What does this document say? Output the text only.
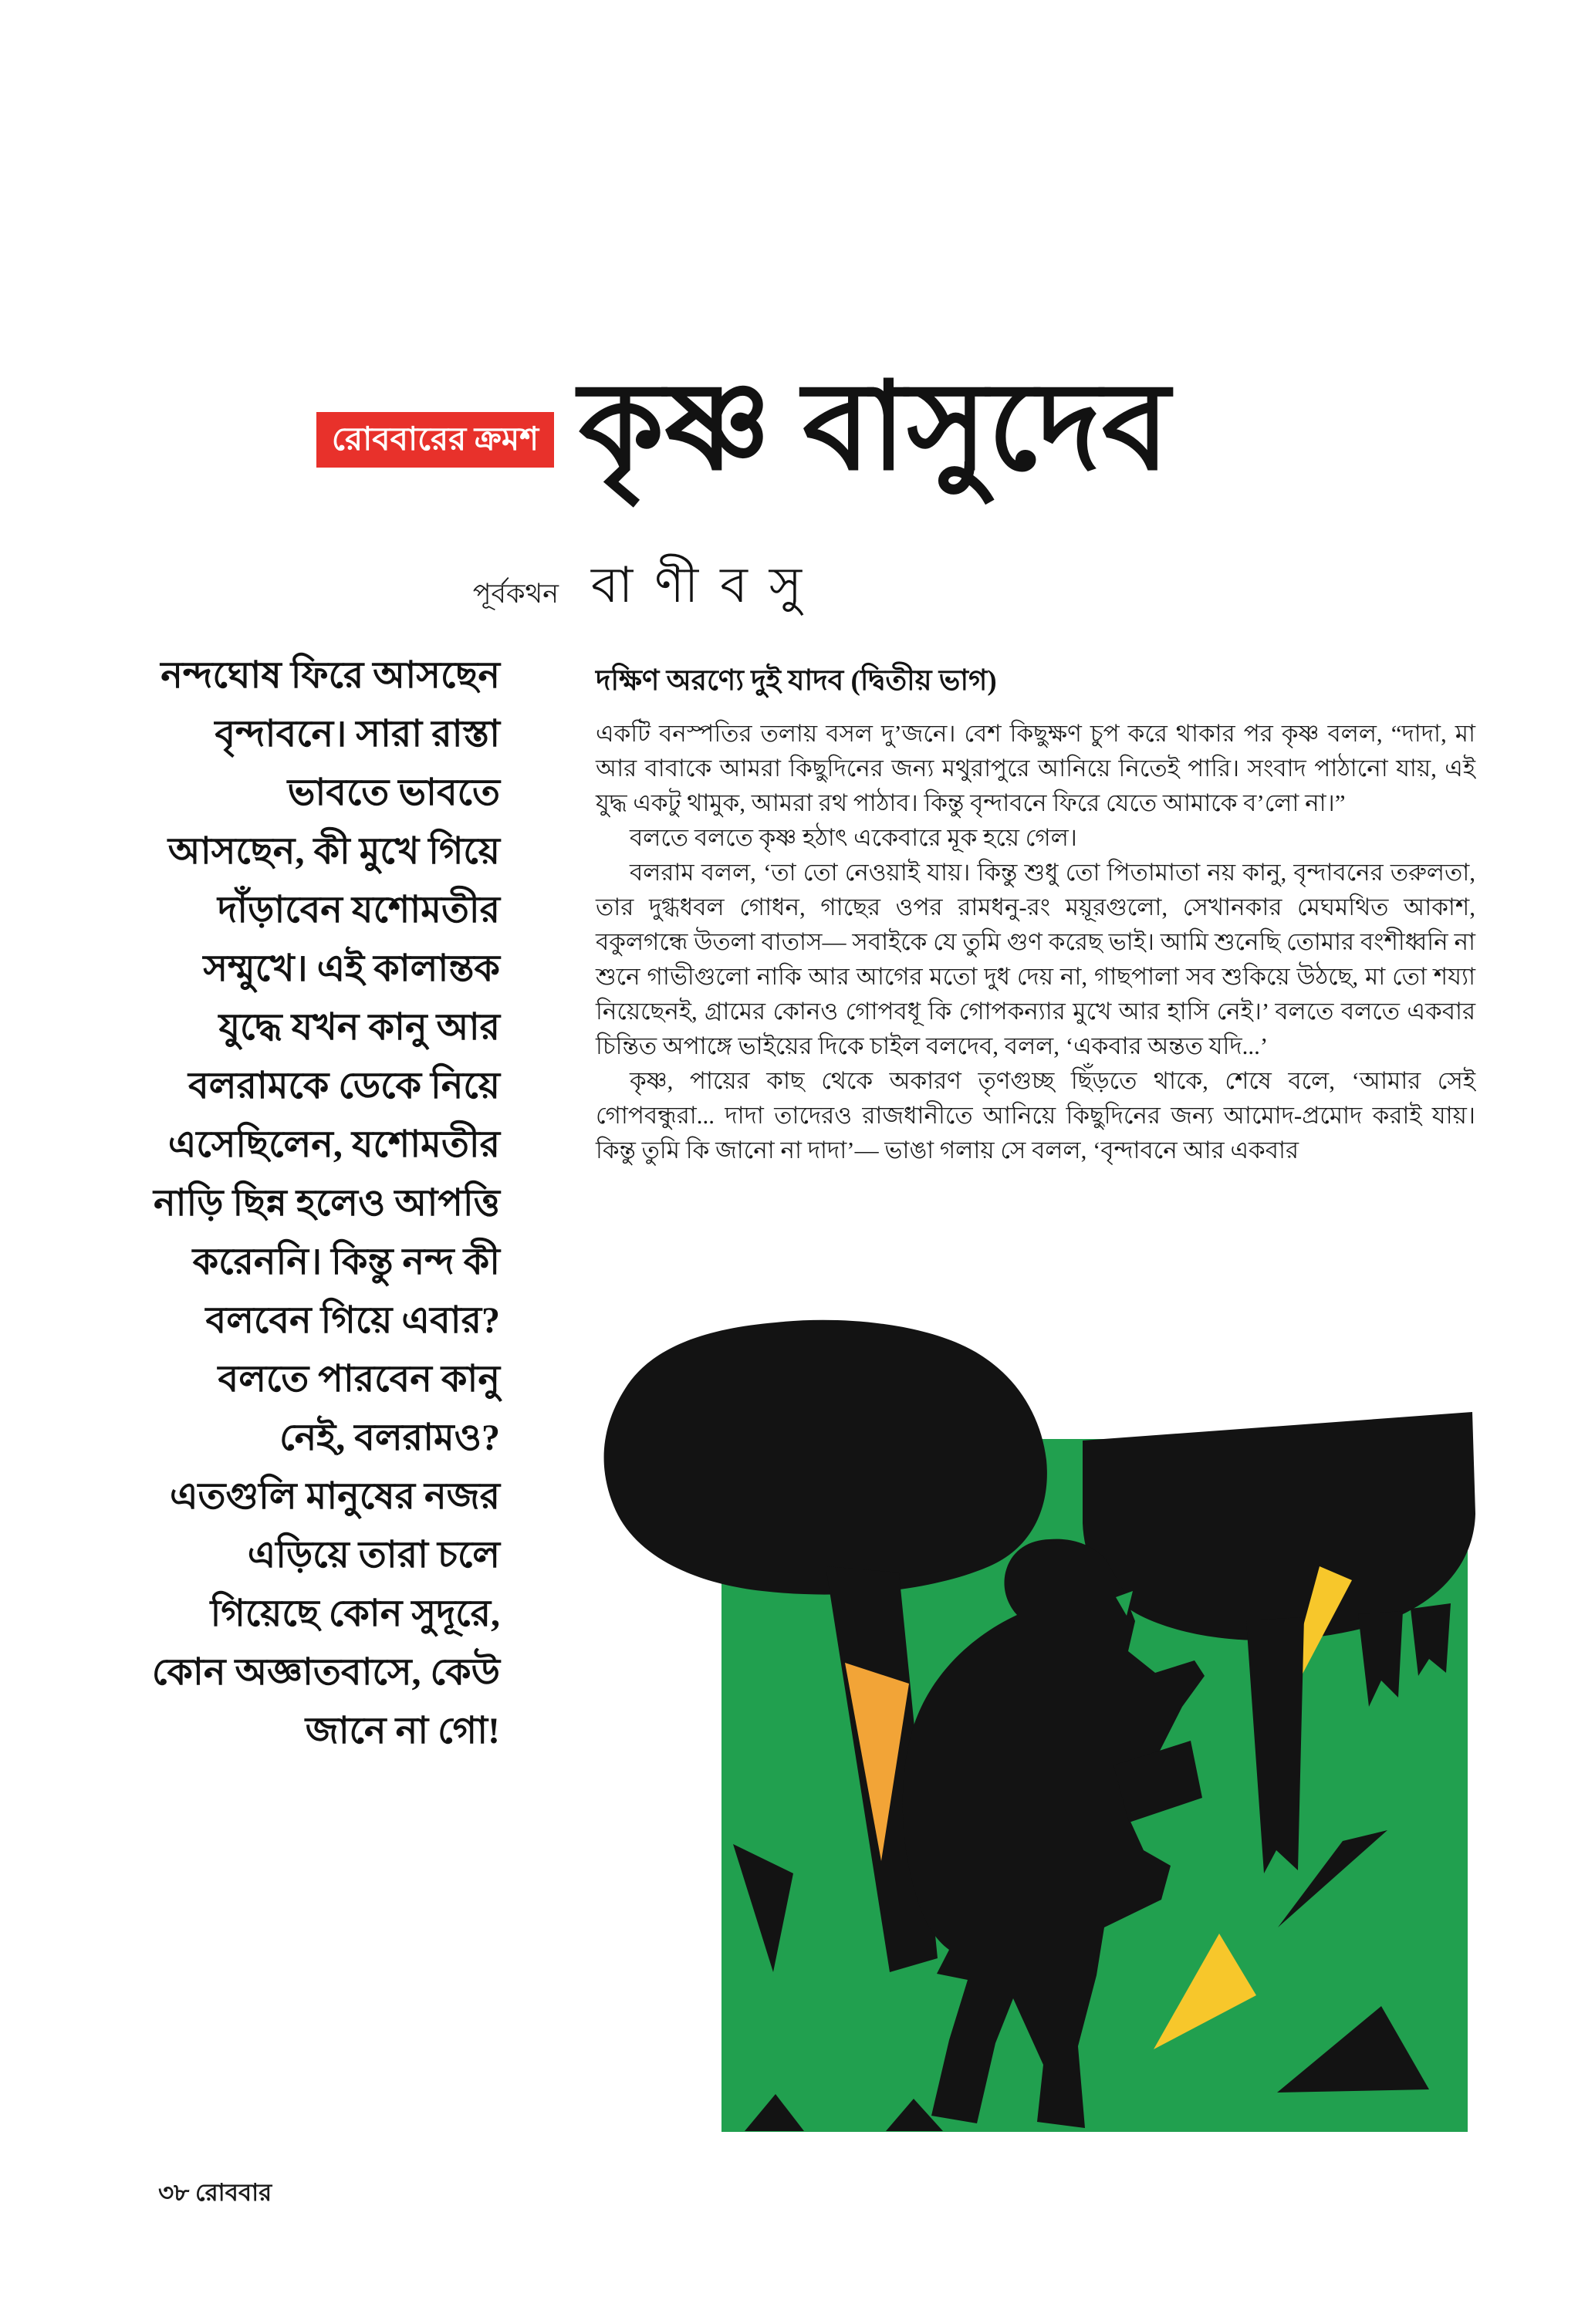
রোববারের ক্রমশ কৃষ্ণ বাসুদেব
পূর্বকথন বা ণী ব সু
নন্দঘোষ ফিরে আসছেন
বৃন্দাবনে। সারা রাস্তা
ভাবতে ভাবতে
আসছেন, কী মুখে গিয়ে
দাঁড়াবেন যশোমতীর
সম্মুখে। এই কালান্তক
যুদ্ধে যখন কানু আর
বলরামকে ডেকে নিয়ে
এসেছিলেন, যশোমতীর
নাড়ি ছিন্ন হলেও আপত্তি
করেননি। কিন্তু নন্দ কী
বলবেন গিয়ে এবার?
বলতে পারবেন কানু
নেই, বলরামও?
এতগুলি মানুষের নজর
এড়িয়ে তারা চলে
গিয়েছে কোন সুদূরে,
কোন অজ্ঞাতবাসে, কেউ
জানে না গো!
দক্ষিণ অরণ্যে দুই যাদব (দ্বিতীয় ভাগ)

একটি বনস্পতির তলায় বসল দু’জনে। বেশ কিছুক্ষণ চুপ করে থাকার পর কৃষ্ণ বলল, “দাদা, মা আর বাবাকে আমরা কিছুদিনের জন্য মথুরাপুরে আনিয়ে নিতেই পারি। সংবাদ পাঠানো যায়, এই যুদ্ধ একটু থামুক, আমরা রথ পাঠাব। কিন্তু বৃন্দাবনে ফিরে যেতে আমাকে ব’লো না।”

বলতে বলতে কৃষ্ণ হঠাৎ একেবারে মূক হয়ে গেল।

বলরাম বলল, ‘তা তো নেওয়াই যায়। কিন্তু শুধু তো পিতামাতা নয় কানু, বৃন্দাবনের তরুলতা, তার দুগ্ধধবল গোধন, গাছের ওপর রামধনু-রং ময়ূরগুলো, সেখানকার মেঘমথিত আকাশ, বকুলগন্ধে উতলা বাতাস— সবাইকে যে তুমি গুণ করেছ ভাই। আমি শুনেছি তোমার বংশীধ্বনি না শুনে গাভীগুলো নাকি আর আগের মতো দুধ দেয় না, গাছপালা সব শুকিয়ে উঠছে, মা তো শয্যা নিয়েছেনই, গ্রামের কোনও গোপবধূ কি গোপকন্যার মুখে আর হাসি নেই।’ বলতে বলতে একবার চিন্তিত অপাঙ্গে ভাইয়ের দিকে চাইল বলদেব, বলল, ‘একবার অন্তত যদি...’

কৃষ্ণ, পায়ের কাছ থেকে অকারণ তৃণগুচ্ছ ছিঁড়তে থাকে, শেষে বলে, ‘আমার সেই গোপবন্ধুরা... দাদা তাদেরও রাজধানীতে আনিয়ে কিছুদিনের জন্য আমোদ-প্রমোদ করাই যায়। কিন্তু তুমি কি জানো না দাদা’— ভাঙা গলায় সে বলল, ‘বৃন্দাবনে আর একবার

৩৮ রোববার
